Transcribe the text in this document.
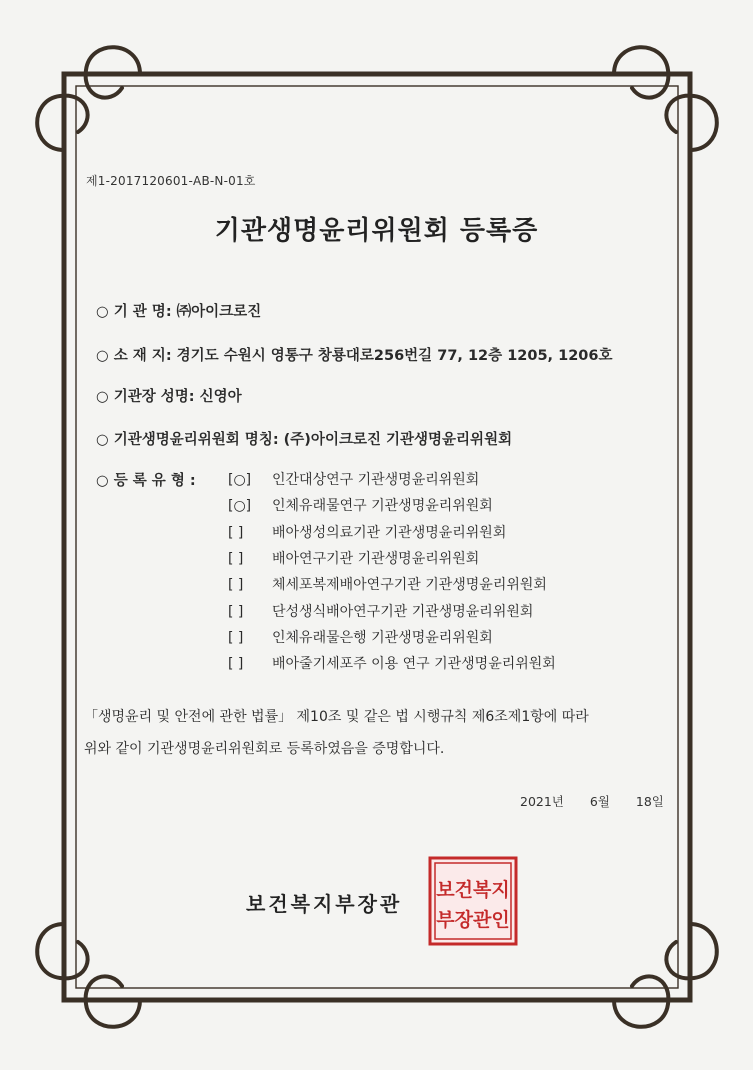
제1-2017120601-AB-N-01호
기관생명윤리위원회 등록증
○ 기 관 명: ㈜아이크로진
○ 소 재 지: 경기도 수원시 영통구 창룡대로256번길 77, 12층 1205, 1206호
○ 기관장 성명: 신영아
○ 기관생명윤리위원회 명칭: (주)아이크로진 기관생명윤리위원회
○ 등 록 유 형 : [○] 인간대상연구 기관생명윤리위원회
[○] 인체유래물연구 기관생명윤리위원회
[ ] 배아생성의료기관 기관생명윤리위원회
[ ] 배아연구기관 기관생명윤리위원회
[ ] 체세포복제배아연구기관 기관생명윤리위원회
[ ] 단성생식배아연구기관 기관생명윤리위원회
[ ] 인체유래물은행 기관생명윤리위원회
[ ] 배아줄기세포주 이용 연구 기관생명윤리위원회
「생명윤리 및 안전에 관한 법률」 제10조 및 같은 법 시행규칙 제6조제1항에 따라
위와 같이 기관생명윤리위원회로 등록하였음을 증명합니다.
2021년 6월 18일
보건복지부장관
보건복지
부장관인
